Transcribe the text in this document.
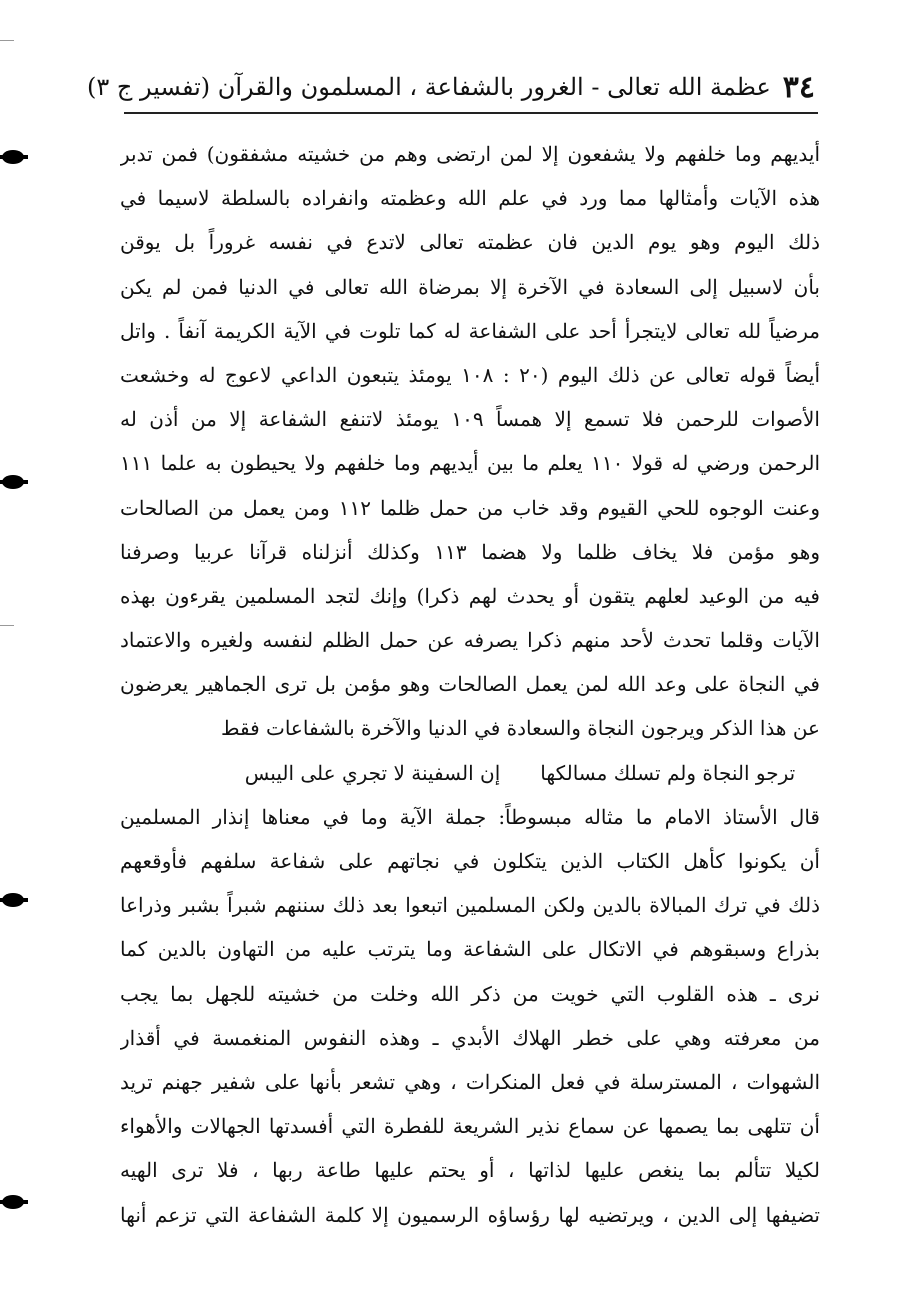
٣٤
عظمة الله تعالى - الغرور بالشفاعة ، المسلمون والقرآن (تفسير ج ٣)
أيديهم وما خلفهم ولا يشفعون إلا لمن ارتضى وهم من خشيته مشفقون) فمن تدبر
هذه الآيات وأمثالها مما ورد في علم الله وعظمته وانفراده بالسلطة لاسيما في
ذلك اليوم وهو يوم الدين فان عظمته تعالى لاتدع في نفسه غروراً بل يوقن
بأن لاسبيل إلى السعادة في الآخرة إلا بمرضاة الله تعالى في الدنيا فمن لم يكن
مرضياً لله تعالى لايتجرأ أحد على الشفاعة له كما تلوت في الآية الكريمة آنفاً . واتل
أيضاً قوله تعالى عن ذلك اليوم (٢٠ : ١٠٨ يومئذ يتبعون الداعي لاعوج له وخشعت
الأصوات للرحمن فلا تسمع إلا همساً ١٠٩ يومئذ لاتنفع الشفاعة إلا من أذن له
الرحمن ورضي له قولا ١١٠ يعلم ما بين أيديهم وما خلفهم ولا يحيطون به علما ١١١
وعنت الوجوه للحي القيوم وقد خاب من حمل ظلما ١١٢ ومن يعمل من الصالحات
وهو مؤمن فلا يخاف ظلما ولا هضما ١١٣ وكذلك أنزلناه قرآنا عربيا وصرفنا
فيه من الوعيد لعلهم يتقون أو يحدث لهم ذكرا) وإنك لتجد المسلمين يقرءون بهذه
الآيات وقلما تحدث لأحد منهم ذكرا يصرفه عن حمل الظلم لنفسه ولغيره والاعتماد
في النجاة على وعد الله لمن يعمل الصالحات وهو مؤمن بل ترى الجماهير يعرضون
عن هذا الذكر ويرجون النجاة والسعادة في الدنيا والآخرة بالشفاعات فقط
ترجو النجاة ولم تسلك مسالكها
إن السفينة لا تجري على اليبس
قال الأستاذ الامام ما مثاله مبسوطاً: جملة الآية وما في معناها إنذار المسلمين
أن يكونوا كأهل الكتاب الذين يتكلون في نجاتهم على شفاعة سلفهم فأوقعهم
ذلك في ترك المبالاة بالدين ولكن المسلمين اتبعوا بعد ذلك سننهم شبراً بشبر وذراعا
بذراع وسبقوهم في الاتكال على الشفاعة وما يترتب عليه من التهاون بالدين كما
نرى ـ هذه القلوب التي خويت من ذكر الله وخلت من خشيته للجهل بما يجب
من معرفته وهي على خطر الهلاك الأبدي ـ وهذه النفوس المنغمسة في أقذار
الشهوات ، المسترسلة في فعل المنكرات ، وهي تشعر بأنها على شفير جهنم تريد
أن تتلهى بما يصمها عن سماع نذير الشريعة للفطرة التي أفسدتها الجهالات والأهواء
لكيلا تتألم بما ينغص عليها لذاتها ، أو يحتم عليها طاعة ربها ، فلا ترى الهيه
تضيفها إلى الدين ، ويرتضيه لها رؤساؤه الرسميون إلا كلمة الشفاعة التي تزعم أنها
